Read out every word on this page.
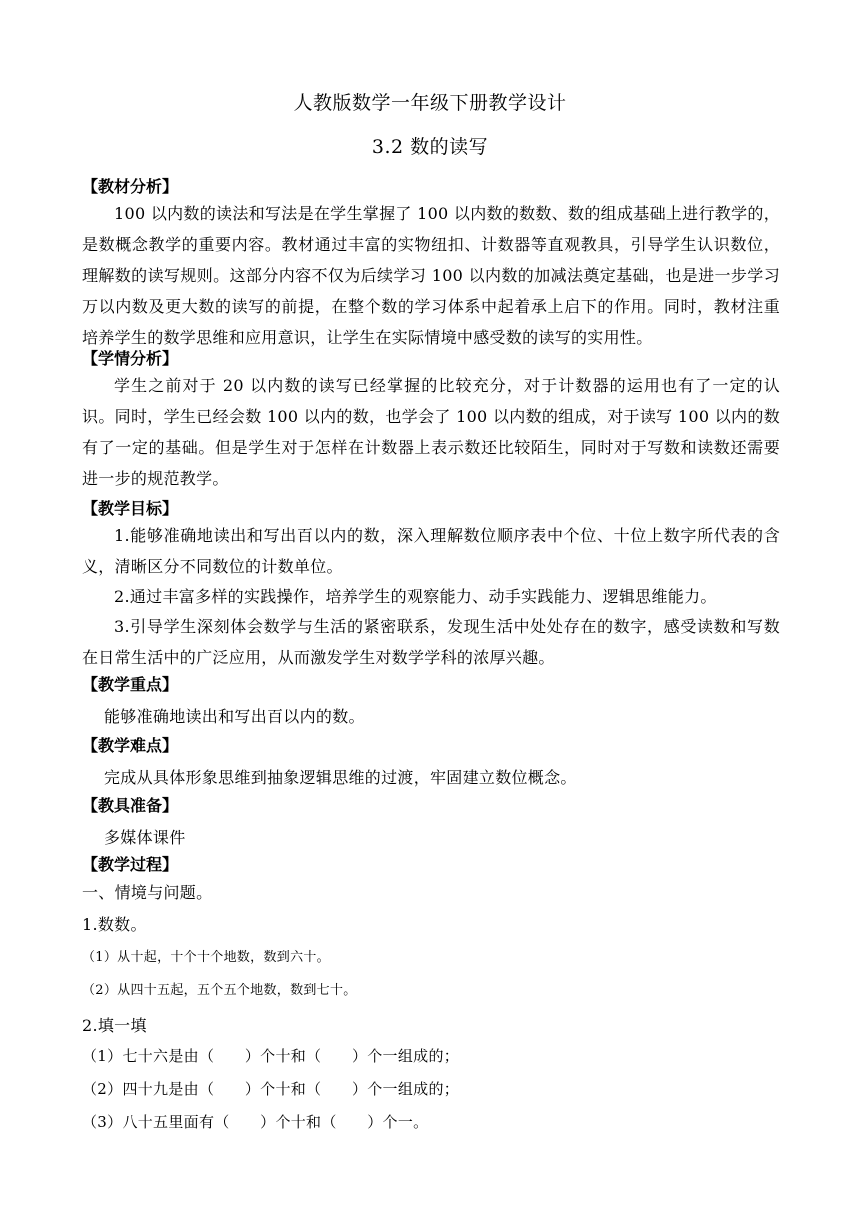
人教版数学一年级下册教学设计
3.2 数的读写
【教材分析】

100 以内数的读法和写法是在学生掌握了 100 以内数的数数、数的组成基础上进行教学的，是数概念教学的重要内容。教材通过丰富的实物纽扣、计数器等直观教具，引导学生认识数位，理解数的读写规则。这部分内容不仅为后续学习 100 以内数的加减法奠定基础，也是进一步学习万以内数及更大数的读写的前提，在整个数的学习体系中起着承上启下的作用。同时，教材注重培养学生的数学思维和应用意识，让学生在实际情境中感受数的读写的实用性。

【学情分析】

学生之前对于 20 以内数的读写已经掌握的比较充分，对于计数器的运用也有了一定的认识。同时，学生已经会数 100 以内的数，也学会了 100 以内数的组成，对于读写 100 以内的数有了一定的基础。但是学生对于怎样在计数器上表示数还比较陌生，同时对于写数和读数还需要进一步的规范教学。

【教学目标】

1.能够准确地读出和写出百以内的数，深入理解数位顺序表中个位、十位上数字所代表的含义，清晰区分不同数位的计数单位。

2.通过丰富多样的实践操作，培养学生的观察能力、动手实践能力、逻辑思维能力。

3.引导学生深刻体会数学与生活的紧密联系，发现生活中处处存在的数字，感受读数和写数在日常生活中的广泛应用，从而激发学生对数学学科的浓厚兴趣。

【教学重点】
能够准确地读出和写出百以内的数。
【教学难点】
完成从具体形象思维到抽象逻辑思维的过渡，牢固建立数位概念。
【教具准备】
多媒体课件
【教学过程】
一、情境与问题。
1.数数。
（1）从十起，十个十个地数，数到六十。
（2）从四十五起，五个五个地数，数到七十。
2.填一填
（1）七十六是由（　　）个十和（　　）个一组成的；
（2）四十九是由（　　）个十和（　　）个一组成的；
（3）八十五里面有（　　）个十和（　　）个一。
